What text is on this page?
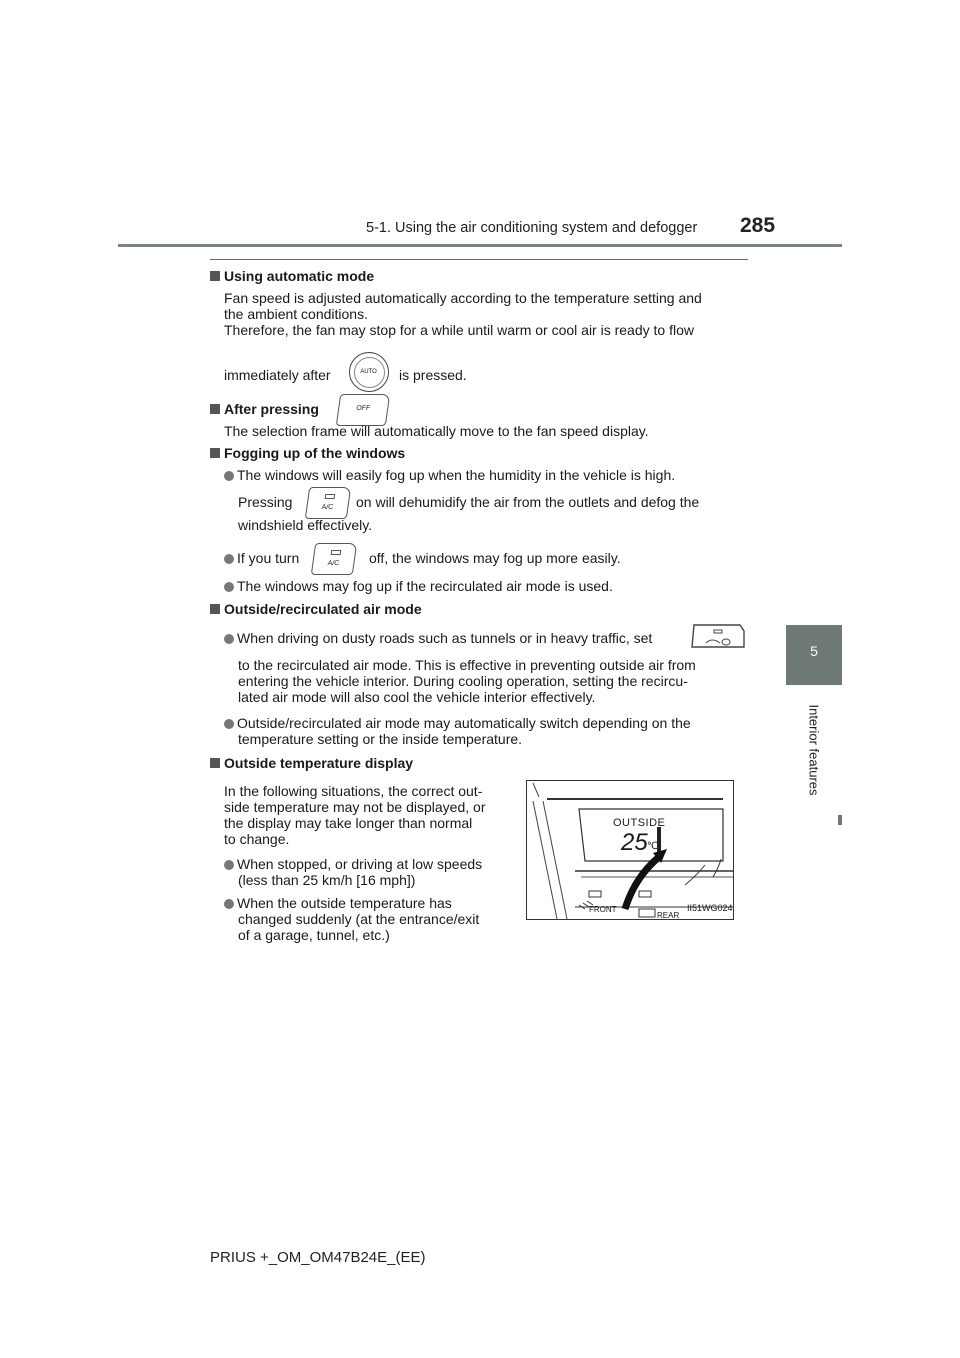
5-1. Using the air conditioning system and defogger 285
5
Interior features
Using automatic mode
Fan speed is adjusted automatically according to the temperature setting and
the ambient conditions.
Therefore, the fan may stop for a while until warm or cool air is ready to flow
immediately after	AUTO	is pressed.
After pressing	OFF
The selection frame will automatically move to the fan speed display.
Fogging up of the windows
The windows will easily fog up when the humidity in the vehicle is high.
Pressing	A/C	on will dehumidify the air from the outlets and defog the
windshield effectively.
If you turn	A/C	off, the windows may fog up more easily.
The windows may fog up if the recirculated air mode is used.
Outside/recirculated air mode
When driving on dusty roads such as tunnels or in heavy traffic, set
to the recirculated air mode. This is effective in preventing outside air from
entering the vehicle interior. During cooling operation, setting the recircu-
lated air mode will also cool the vehicle interior effectively.
Outside/recirculated air mode may automatically switch depending on the
temperature setting or the inside temperature.
Outside temperature display
In the following situations, the correct out-
side temperature may not be displayed, or
the display may take longer than normal
to change.
When stopped, or driving at low speeds
(less than 25 km/h [16 mph])
When the outside temperature has
changed suddenly (at the entrance/exit
of a garage, tunnel, etc.)
OUTSIDE
25 ℃
FRONT
REAR
II51WG024
PRIUS +_OM_OM47B24E_(EE)
